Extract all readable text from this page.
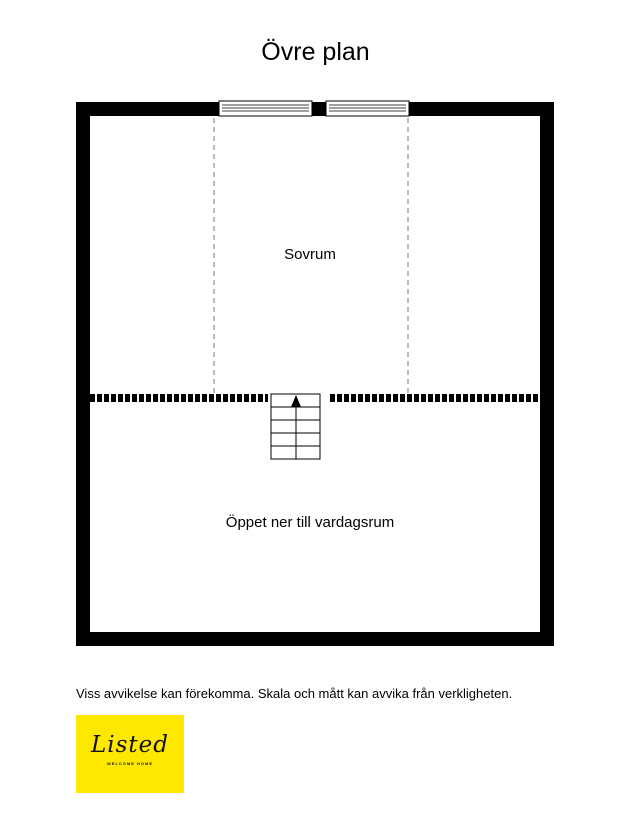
Övre plan
Sovrum
Öppet ner till vardagsrum
Viss avvikelse kan förekomma. Skala och mått kan avvika från verkligheten.
Listed
WELCOME HOME
